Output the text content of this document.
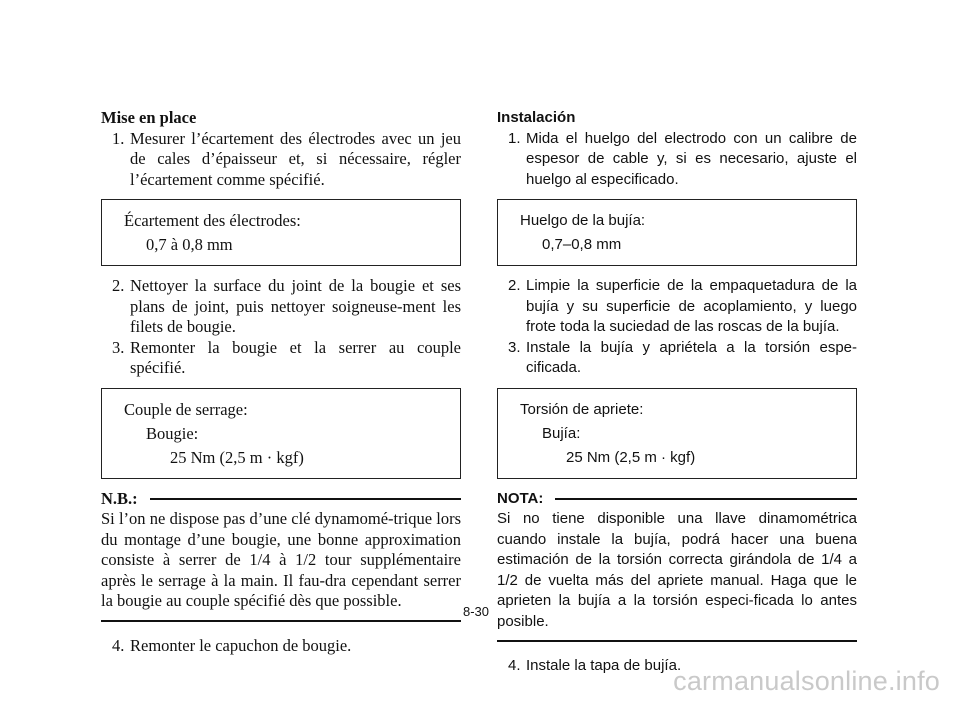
Mise en place
1. Mesurer l’écartement des électrodes avec un jeu de cales d’épaisseur et, si nécessaire, régler l’écartement comme spécifié.
Écartement des électrodes:
0,7 à 0,8 mm
2. Nettoyer la surface du joint de la bougie et ses plans de joint, puis nettoyer soigneuse-ment les filets de bougie.
3. Remonter la bougie et la serrer au couple spécifié.
Couple de serrage:
Bougie:
25 Nm (2,5 m · kgf)
N.B.:
Si l’on ne dispose pas d’une clé dynamomé-trique lors du montage d’une bougie, une bonne approximation consiste à serrer de 1/4 à 1/2 tour supplémentaire après le serrage à la main. Il fau-dra cependant serrer la bougie au couple spécifié dès que possible.
4. Remonter le capuchon de bougie.
Instalación
1. Mida el huelgo del electrodo con un calibre de espesor de cable y, si es necesario, ajuste el huelgo al especificado.
Huelgo de la bujía:
0,7–0,8 mm
2. Limpie la superficie de la empaquetadura de la bujía y su superficie de acoplamiento, y luego frote toda la suciedad de las roscas de la bujía.
3. Instale la bujía y apriétela a la torsión espe-cificada.
Torsión de apriete:
Bujía:
25 Nm (2,5 m · kgf)
NOTA:
Si no tiene disponible una llave dinamométrica cuando instale la bujía, podrá hacer una buena estimación de la torsión correcta girándola de 1/4 a 1/2 de vuelta más del apriete manual. Haga que le aprieten la bujía a la torsión especi-ficada lo antes posible.
4. Instale la tapa de bujía.
8-30
carmanualsonline.info
